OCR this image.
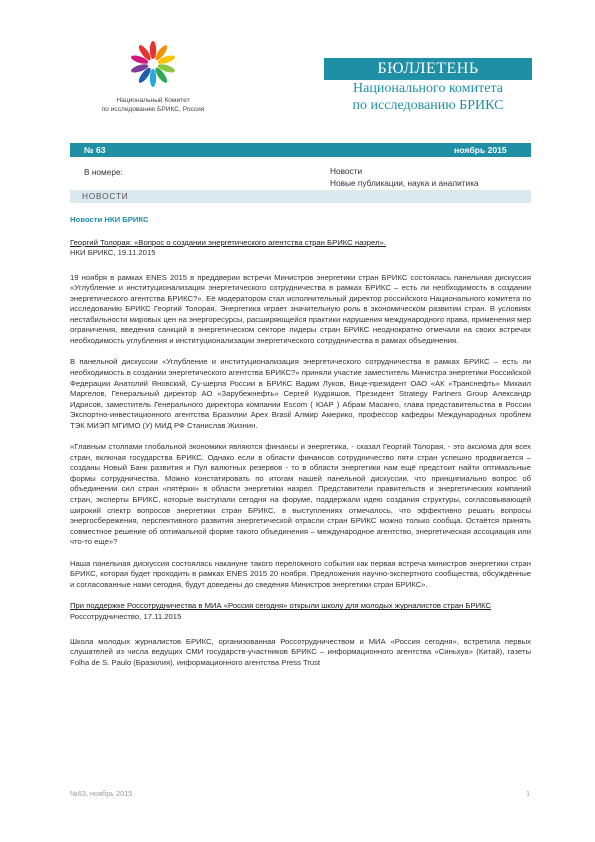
Национальный Комитет
по исследованию БРИКС, Россия
БЮЛЛЕТЕНЬ
Национального комитета
по исследованию БРИКС
№ 63	ноябрь 2015
В номере:	Новости
Новые публикации, наука и аналитика
НОВОСТИ
Новости НКИ БРИКС
Георгий Толорая: «Вопрос о создании энергетического агентства стран БРИКС назрел».
НКИ БРИКС, 19.11.2015

19 ноября в рамках ENES 2015 в преддверии встречи Министров энергетики стран БРИКС состоялась панельная дискуссия «Углубление и институционализация энергетического сотрудничества в рамках БРИКС – есть ли необходимость в создании энергетического агентства БРИКС?». Её модератором стал исполнительный директор российского Национального комитета по исследованию БРИКС Георгий Толорая. Энергетика играет значительную роль в экономическом развитии стран. В условиях нестабильности мировых цен на энергоресурсы, расширяющейся практики нарушения международного права, применения мер ограничения, введения санкций в энергетическом секторе лидеры стран БРИКС неоднократно отмечали на своих встречах необходимость углубления и институционализации энергетического сотрудничества в рамках объединения.

В панельной дискуссии «Углубление и институционализация энергетического сотрудничества в рамках БРИКС – есть ли необходимость в создании энергетического агентства БРИКС?» приняли участие заместитель Министра энергетики Российской Федерации Анатолий Яновский, Су-шерпа России в БРИКС Вадим Луков, Вице-президент ОАО «АК «Транснефть» Михаил Маргелов, Генеральный директор АО «Зарубежнефть» Сергей Кудряшов, Президент Strategy Partners Group Александр Идрисов, заместитель Генерального директора компании Escom ( ЮАР ) Абрам Масанго, глава представительства в России Экспортно-инвестиционного агентства Бразилии Apex Brasil Алмир Америко, профессор кафедры Международных проблем ТЭК МИЭП МГИМО (У) МИД РФ Станислав Жизнин.

«Главным столпами глобальной экономики являются финансы и энергетика, - сказал Георгий Толорая, - это аксиома для всех стран, включая государства БРИКС. Однако если в области финансов сотрудничество пяти стран успешно продвигается – созданы Новый Банк развития и Пул валютных резервов - то в области энергетики нам ещё предстоит найти оптимальные формы сотрудничества. Можно констатировать по итогам нашей панельной дискуссии, что принципиально вопрос об объединении сил стран «пятёрки» в области энергетики назрел. Представители правительств и энергетических компаний стран, эксперты БРИКС, которые выступали сегодня на форуме, поддержали идею создания структуры, согласовывающей широкий спектр вопросов энергетики стран БРИКС, в выступлениях отмечалось, что эффективно решать вопросы энергосбережения, перспективного развития энергетической отрасли стран БРИКС можно только сообща. Остаётся принять совместное решение об оптимальной форме такого объединения – международное агентство, энергетическая ассоциация или что-то еще»?

Наша панельная дискуссия состоялась накануне такого переломного события как первая встреча министров энергетики стран БРИКС, которая будет проходить в рамках ENES 2015 20 ноября. Предложения научно-экспертного сообщества, обсуждённые и согласованные нами сегодня, будут доведены до сведения Министров энергетики стран БРИКС».

При поддержке Россотрудничества в МИА «Россия сегодня» открыли школу для молодых журналистов стран БРИКС
Россотрудничество, 17.11.2015

Школа молодых журналистов БРИКС, организованная Россотрудничеством и МИА «Россия сегодня», встретила первых слушателей из числа ведущих СМИ государств-участников БРИКС – информационного агентства «Синьхуа» (Китай), газеты Folha de S. Paulo (Бразилия), информационного агентства Press Trust

№63, ноябрь 2015	1
